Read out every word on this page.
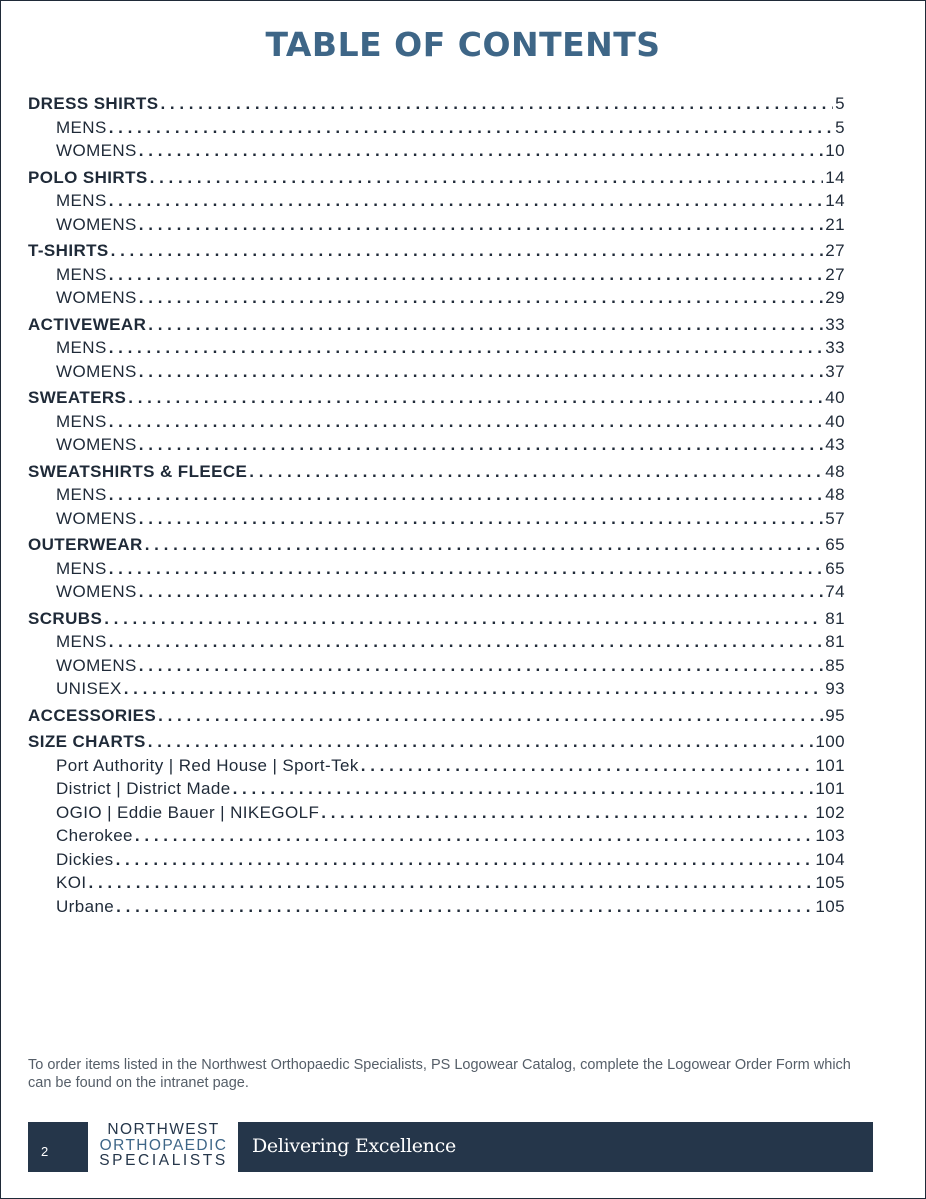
TABLE OF CONTENTS
DRESS SHIRTS . . .	5
MENS . . .	5
WOMENS . . .	10
POLO SHIRTS . . .	14
MENS . . .	14
WOMENS . . .	21
T-SHIRTS . . .	27
MENS . . .	27
WOMENS . . .	29
ACTIVEWEAR . . .	33
MENS . . .	33
WOMENS . . .	37
SWEATERS . . .	40
MENS . . .	40
WOMENS . . .	43
SWEATSHIRTS & FLEECE . . .	48
MENS . . .	48
WOMENS . . .	57
OUTERWEAR . . .	65
MENS . . .	65
WOMENS . . .	74
SCRUBS . . .	81
MENS . . .	81
WOMENS . . .	85
UNISEX . . .	93
ACCESSORIES . . .	95
SIZE CHARTS . . .	100
Port Authority | Red House | Sport-Tek . . .	101
District | District Made . . .	101
OGIO | Eddie Bauer | NIKEGOLF . . .	102
Cherokee . . .	103
Dickies . . .	104
KOI . . .	105
Urbane . . .	105
To order items listed in the Northwest Orthopaedic Specialists, PS Logowear Catalog, complete the Logowear Order Form which can be found on the intranet page.
2
NORTHWEST
ORTHOPAEDIC
SPECIALISTS
Delivering Excellence
